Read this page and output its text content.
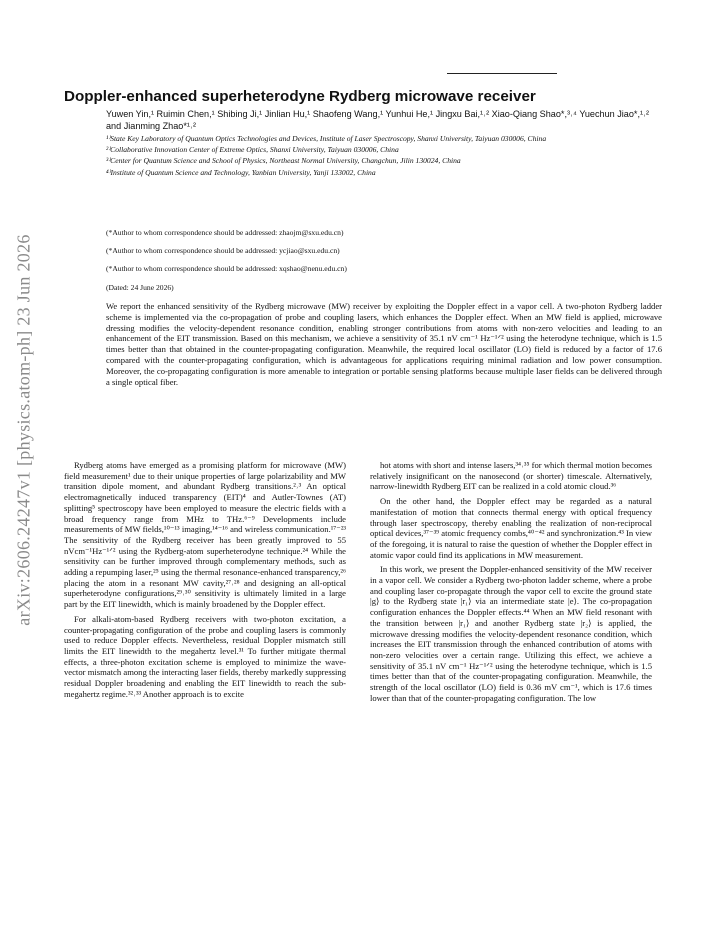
arXiv:2606.24247v1 [physics.atom-ph] 23 Jun 2026
Doppler-enhanced superheterodyne Rydberg microwave receiver
Yuwen Yin,¹ Ruimin Chen,¹ Shibing Ji,¹ Jinlian Hu,¹ Shaofeng Wang,¹ Yunhui He,¹ Jingxu Bai,¹˒² Xiao-Qiang Shao*,³˒⁴ Yuechun Jiao*,¹˒² and Jianming Zhao*¹˒²
¹⁾State Key Laboratory of Quantum Optics Technologies and Devices, Institute of Laser Spectroscopy, Shanxi University, Taiyuan 030006, China
²⁾Collaborative Innovation Center of Extreme Optics, Shanxi University, Taiyuan 030006, China
³⁾Center for Quantum Science and School of Physics, Northeast Normal University, Changchun, Jilin 130024, China
⁴⁾Institute of Quantum Science and Technology, Yanbian University, Yanji 133002, China
(*Author to whom correspondence should be addressed: zhaojm@sxu.edu.cn)
(*Author to whom correspondence should be addressed: ycjiao@sxu.edu.cn)
(*Author to whom correspondence should be addressed: xqshao@nenu.edu.cn)
(Dated: 24 June 2026)
We report the enhanced sensitivity of the Rydberg microwave (MW) receiver by exploiting the Doppler effect in a vapor cell. A two-photon Rydberg ladder scheme is implemented via the co-propagation of probe and coupling lasers, which enhances the Doppler effect. When an MW field is applied, microwave dressing modifies the velocity-dependent resonance condition, enabling stronger contributions from atoms with non-zero velocities and leading to an enhancement of the EIT transmission. Based on this mechanism, we achieve a sensitivity of 35.1 nV cm⁻¹ Hz⁻¹ᐟ² using the heterodyne technique, which is 1.5 times better than that obtained in the counter-propagating configuration. Meanwhile, the required local oscillator (LO) field is reduced by a factor of 17.6 compared with the counter-propagating configuration, which is advantageous for applications requiring minimal radiation and low power consumption. Moreover, the co-propagating configuration is more amenable to integration or portable sensing platforms because multiple laser fields can be delivered through a single optical fiber.

Rydberg atoms have emerged as a promising platform for microwave (MW) field measurement¹ due to their unique properties of large polarizability and MW transition dipole moment, and abundant Rydberg transitions.²˒³ An optical electromagnetically induced transparency (EIT)⁴ and Autler-Townes (AT) splitting⁵ spectroscopy have been employed to measure the electric fields with a broad frequency range from MHz to THz.⁶⁻⁹ Developments include measurements of MW fields,¹⁰⁻¹³ imaging,¹⁴⁻¹⁶ and wireless communication.¹⁷⁻²³ The sensitivity of the Rydberg receiver has been greatly improved to 55 nVcm⁻¹Hz⁻¹ᐟ² using the Rydberg-atom superheterodyne technique.²⁴ While the sensitivity can be further improved through complementary methods, such as adding a repumping laser,²⁵ using the thermal resonance-enhanced transparency,²⁶ placing the atom in a resonant MW cavity,²⁷˒²⁸ and designing an all-optical superheterodyne configurations,²⁹˒³⁰ sensitivity is ultimately limited in a large part by the EIT linewidth, which is mainly broadened by the Doppler effect.

For alkali-atom-based Rydberg receivers with two-photon excitation, a counter-propagating configuration of the probe and coupling lasers is commonly used to reduce Doppler effects. Nevertheless, residual Doppler mismatch still limits the EIT linewidth to the megahertz level.³¹ To further mitigate thermal effects, a three-photon excitation scheme is employed to minimize the wave-vector mismatch among the interacting laser fields, thereby markedly suppressing residual Doppler broadening and enabling the EIT linewidth to reach the sub-megahertz regime.³²˒³³ Another approach is to excite

hot atoms with short and intense lasers,³⁴˒³⁵ for which thermal motion becomes relatively insignificant on the nanosecond (or shorter) timescale. Alternatively, narrow-linewidth Rydberg EIT can be realized in a cold atomic cloud.³⁶

On the other hand, the Doppler effect may be regarded as a natural manifestation of motion that connects thermal energy with optical frequency through laser spectroscopy, thereby enabling the realization of non-reciprocal optical devices,³⁷⁻³⁹ atomic frequency combs,⁴⁰⁻⁴² and synchronization.⁴³ In view of the foregoing, it is natural to raise the question of whether the Doppler effect in atomic vapor could find its applications in MW measurement.

In this work, we present the Doppler-enhanced sensitivity of the MW receiver in a vapor cell. We consider a Rydberg two-photon ladder scheme, where a probe and coupling laser co-propagate through the vapor cell to excite the ground state |g⟩ to the Rydberg state |r₁⟩ via an intermediate state |e⟩. The co-propagation configuration enhances the Doppler effects.⁴⁴ When an MW field resonant with the transition between |r₁⟩ and another Rydberg state |r₂⟩ is applied, the microwave dressing modifies the velocity-dependent resonance condition, which increases the EIT transmission through the enhanced contribution of atoms with non-zero velocities over a certain range. Utilizing this effect, we achieve a sensitivity of 35.1 nV cm⁻¹ Hz⁻¹ᐟ² using the heterodyne technique, which is 1.5 times better than that of the counter-propagating configuration. Meanwhile, the strength of the local oscillator (LO) field is 0.36 mV cm⁻¹, which is 17.6 times lower than that of the counter-propagating configuration. The low
